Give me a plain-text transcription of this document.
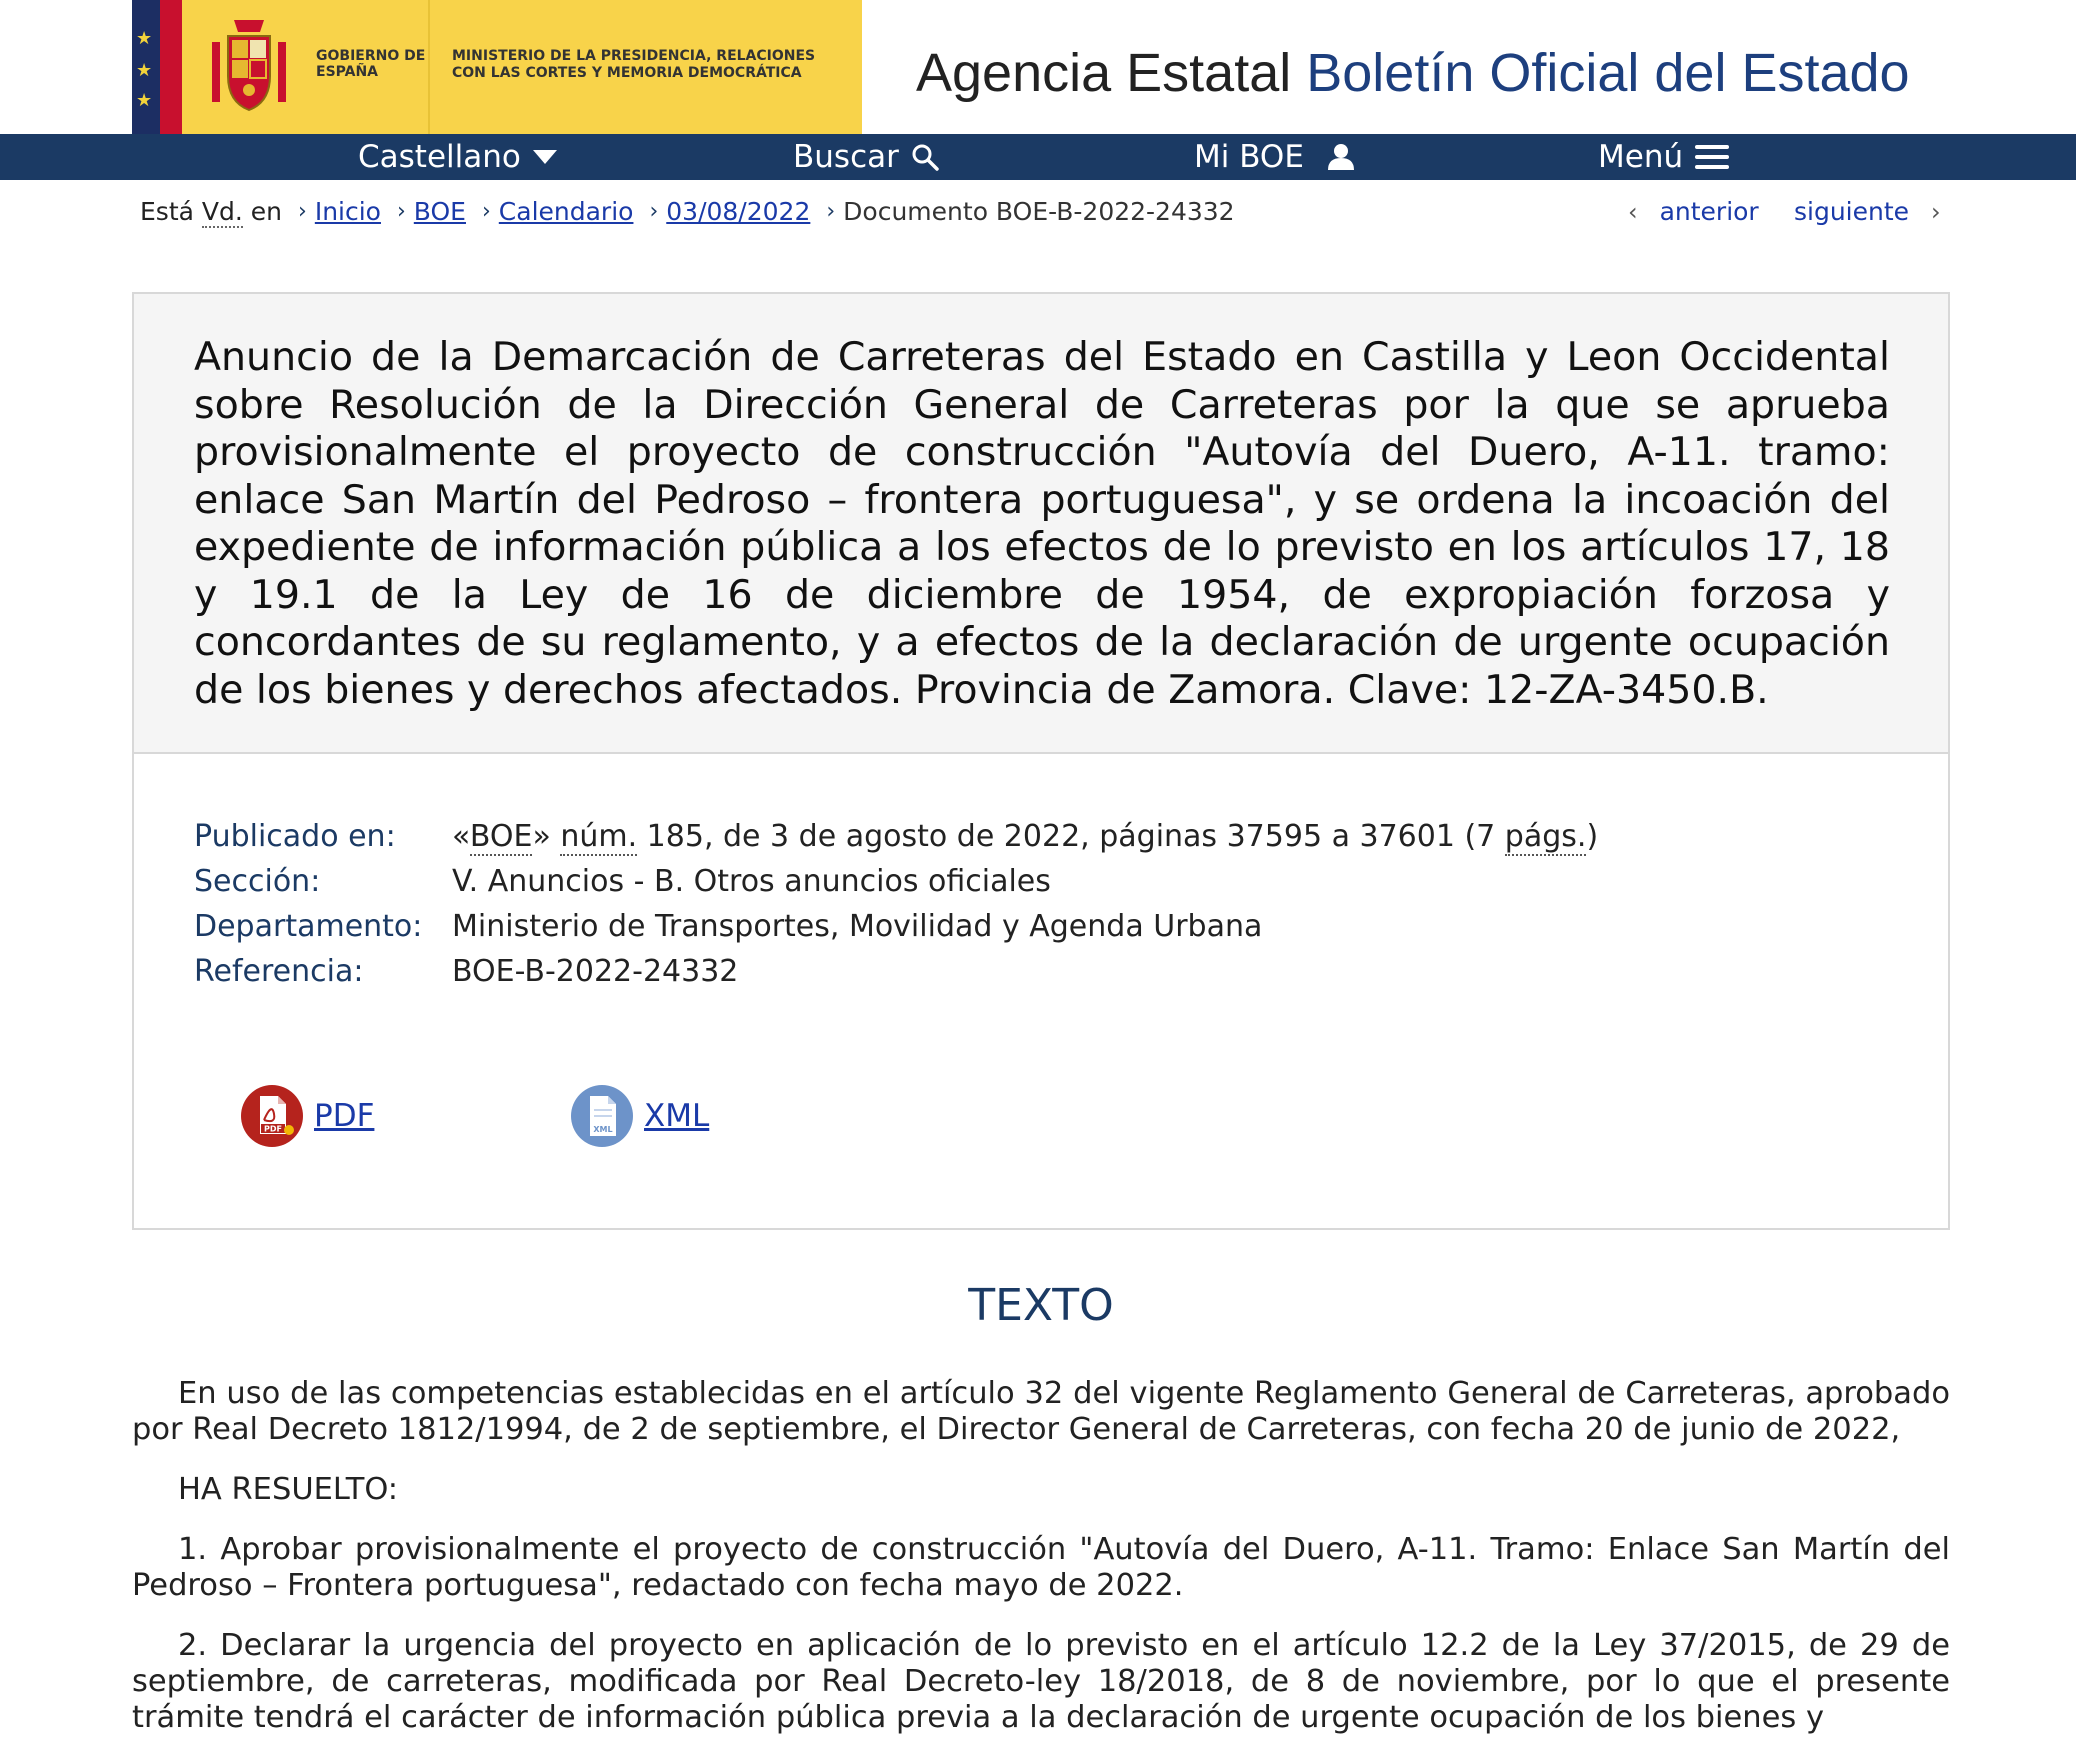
★
★
★
GOBIERNO DE ESPAÑA
MINISTERIO DE LA PRESIDENCIA, RELACIONES CON LAS CORTES Y MEMORIA DEMOCRÁTICA	Agencia Estatal Boletín Oficial del Estado
Castellano	Buscar	Mi BOE	Menú
Está Vd. en › Inicio › BOE › Calendario › 03/08/2022 › Documento BOE-B-2022-24332	‹ anterior siguiente ›
Anuncio de la Demarcación de Carreteras del Estado en Castilla y Leon Occidental sobre Resolución de la Dirección General de Carreteras por la que se aprueba provisionalmente el proyecto de construcción "Autovía del Duero, A-11. tramo: enlace San Martín del Pedroso – frontera portuguesa", y se ordena la incoación del expediente de información pública a los efectos de lo previsto en los artículos 17, 18 y 19.1 de la Ley de 16 de diciembre de 1954, de expropiación forzosa y concordantes de su reglamento, y a efectos de la declaración de urgente ocupación de los bienes y derechos afectados. Provincia de Zamora. Clave: 12-ZA-3450.B.
Publicado en:	«BOE» núm. 185, de 3 de agosto de 2022, páginas 37595 a 37601 (7 págs.)
Sección:	V. Anuncios - B. Otros anuncios oficiales
Departamento: Ministerio de Transportes, Movilidad y Agenda Urbana
Referencia:	BOE-B-2022-24332
PDF PDF	XML XML
TEXTO

En uso de las competencias establecidas en el artículo 32 del vigente Reglamento General de Carreteras, aprobado por Real Decreto 1812/1994, de 2 de septiembre, el Director General de Carreteras, con fecha 20 de junio de 2022,

HA RESUELTO:

1. Aprobar provisionalmente el proyecto de construcción "Autovía del Duero, A-11. Tramo: Enlace San Martín del Pedroso – Frontera portuguesa", redactado con fecha mayo de 2022.

2. Declarar la urgencia del proyecto en aplicación de lo previsto en el artículo 12.2 de la Ley 37/2015, de 29 de septiembre, de carreteras, modificada por Real Decreto-ley 18/2018, de 8 de noviembre, por lo que el presente trámite tendrá el carácter de información pública previa a la declaración de urgente ocupación de los bienes y
